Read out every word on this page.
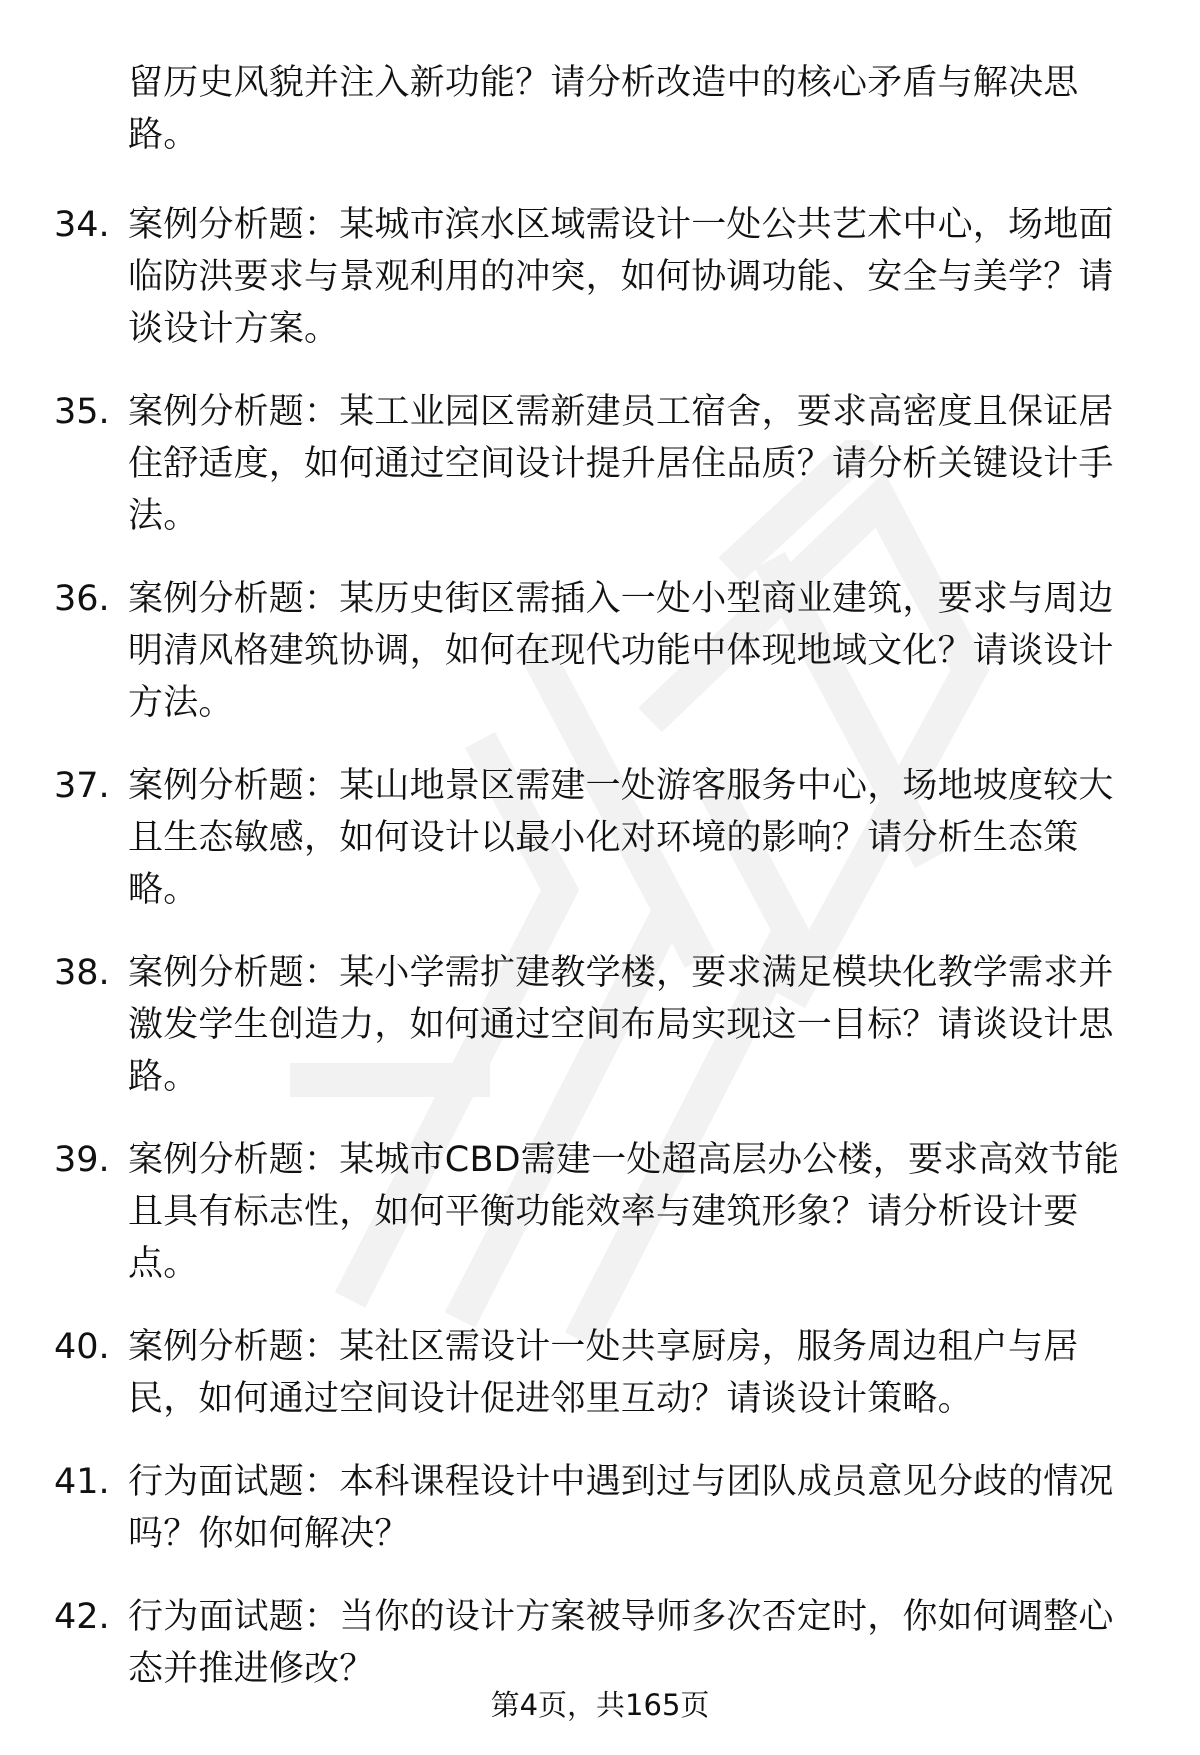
留历史风貌并注入新功能？请分析改造中的核心矛盾与解决思
路。
34. 案例分析题：某城市滨水区域需设计一处公共艺术中心，场地面
临防洪要求与景观利用的冲突，如何协调功能、安全与美学？请
谈设计方案。
35. 案例分析题：某工业园区需新建员工宿舍，要求高密度且保证居
住舒适度，如何通过空间设计提升居住品质？请分析关键设计手
法。
36. 案例分析题：某历史街区需插入一处小型商业建筑，要求与周边
明清风格建筑协调，如何在现代功能中体现地域文化？请谈设计
方法。
37. 案例分析题：某山地景区需建一处游客服务中心，场地坡度较大
且生态敏感，如何设计以最小化对环境的影响？请分析生态策
略。
38. 案例分析题：某小学需扩建教学楼，要求满足模块化教学需求并
激发学生创造力，如何通过空间布局实现这一目标？请谈设计思
路。
39. 案例分析题：某城市CBD需建一处超高层办公楼，要求高效节能
且具有标志性，如何平衡功能效率与建筑形象？请分析设计要
点。
40. 案例分析题：某社区需设计一处共享厨房，服务周边租户与居
民，如何通过空间设计促进邻里互动？请谈设计策略。
41. 行为面试题：本科课程设计中遇到过与团队成员意见分歧的情况
吗？你如何解决？
42. 行为面试题：当你的设计方案被导师多次否定时，你如何调整心
态并推进修改？
第4页，共165页
